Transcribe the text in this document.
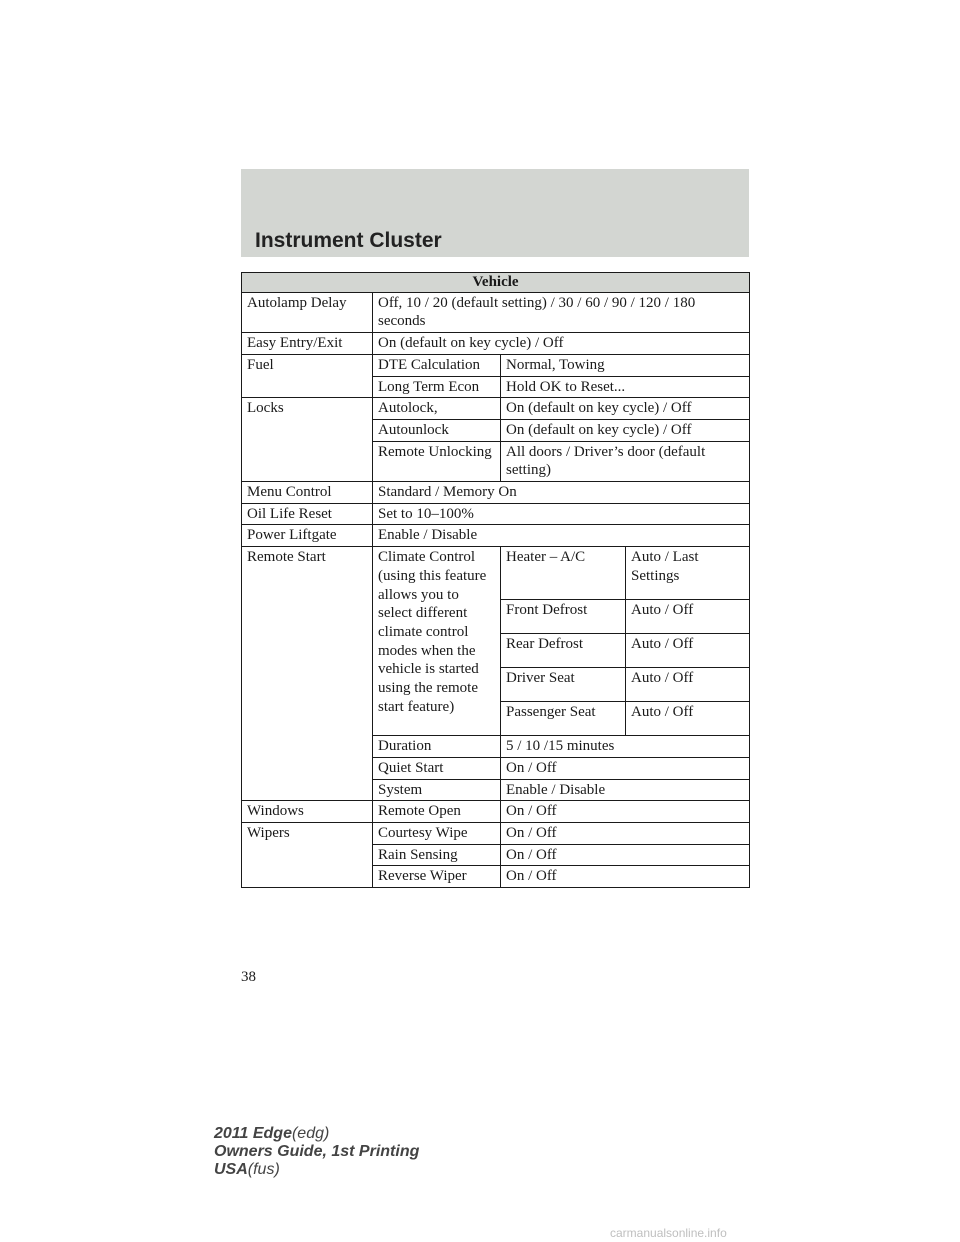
Instrument Cluster
Vehicle			
Autolamp Delay	Off, 10 / 20 (default setting) / 30 / 60 / 90 / 120 / 180 seconds		
Easy Entry/Exit	On (default on key cycle) / Off		
Fuel	DTE Calculation	Normal, Towing	
	Long Term Econ	Hold OK to Reset...	
Locks	Autolock,	On (default on key cycle) / Off	
	Autounlock	On (default on key cycle) / Off	
	Remote Unlocking	All doors / Driver’s door (default setting)	
Menu Control	Standard / Memory On		
Oil Life Reset	Set to 10–100%		
Power Liftgate	Enable / Disable		
Remote Start	Climate Control (using this feature allows you to select different climate control modes when the vehicle is started using the remote start feature)	Heater – A/C	Auto / Last Settings
		Front Defrost	Auto / Off
		Rear Defrost	Auto / Off
		Driver Seat	Auto / Off
		Passenger Seat	Auto / Off
	Duration	5 / 10 /15 minutes	
	Quiet Start	On / Off	
	System	Enable / Disable	
Windows	Remote Open	On / Off	
Wipers	Courtesy Wipe	On / Off	
	Rain Sensing	On / Off	
	Reverse Wiper	On / Off	
38
2011 Edge(edg)
Owners Guide, 1st Printing
USA(fus)
carmanualsonline.info
